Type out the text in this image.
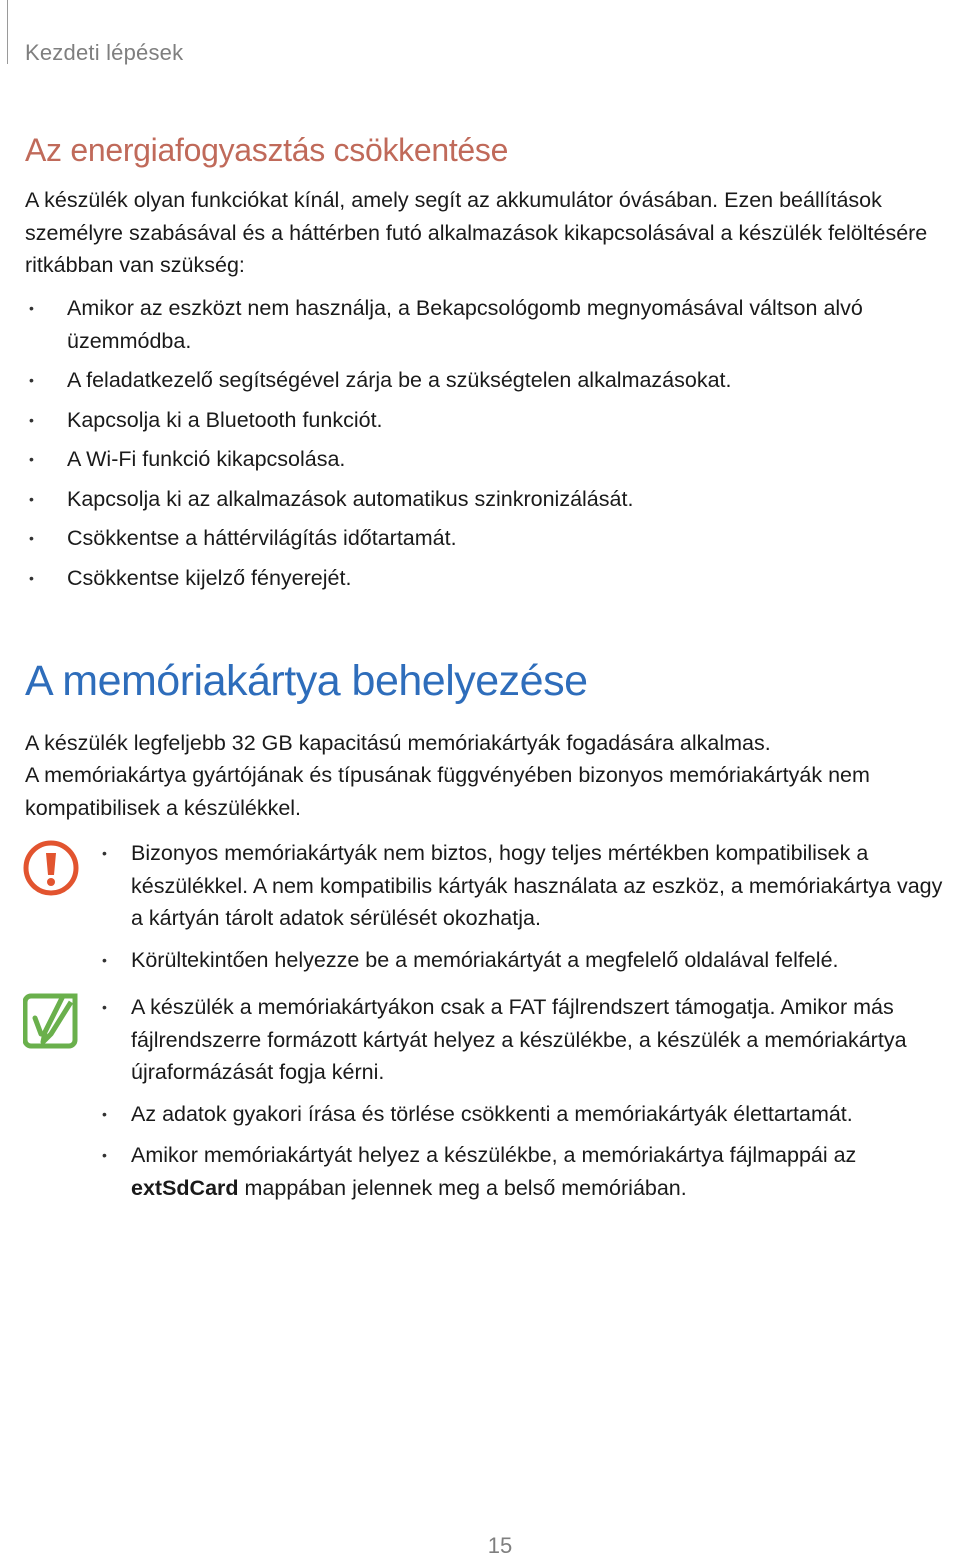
Kezdeti lépések
Az energiafogyasztás csökkentése

A készülék olyan funkciókat kínál, amely segít az akkumulátor óvásában. Ezen beállítások személyre szabásával és a háttérben futó alkalmazások kikapcsolásával a készülék felöltésére ritkábban van szükség:

• Amikor az eszközt nem használja, a Bekapcsológomb megnyomásával váltson alvó üzemmódba.
• A feladatkezelő segítségével zárja be a szükségtelen alkalmazásokat.
• Kapcsolja ki a Bluetooth funkciót.
• A Wi-Fi funkció kikapcsolása.
• Kapcsolja ki az alkalmazások automatikus szinkronizálását.
• Csökkentse a háttérvilágítás időtartamát.
• Csökkentse kijelző fényerejét.
A memóriakártya behelyezése

A készülék legfeljebb 32 GB kapacitású memóriakártyák fogadására alkalmas.

A memóriakártya gyártójának és típusának függvényében bizonyos memóriakártyák nem kompatibilisek a készülékkel.

• Bizonyos memóriakártyák nem biztos, hogy teljes mértékben kompatibilisek a készülékkel. A nem kompatibilis kártyák használata az eszköz, a memóriakártya vagy a kártyán tárolt adatok sérülését okozhatja.
• Körültekintően helyezze be a memóriakártyát a megfelelő oldalával felfelé.
• A készülék a memóriakártyákon csak a FAT fájlrendszert támogatja. Amikor más fájlrendszerre formázott kártyát helyez a készülékbe, a készülék a memóriakártya újraformázását fogja kérni.
• Az adatok gyakori írása és törlése csökkenti a memóriakártyák élettartamát.
• Amikor memóriakártyát helyez a készülékbe, a memóriakártya fájlmappái az extSdCard mappában jelennek meg a belső memóriában.
15
